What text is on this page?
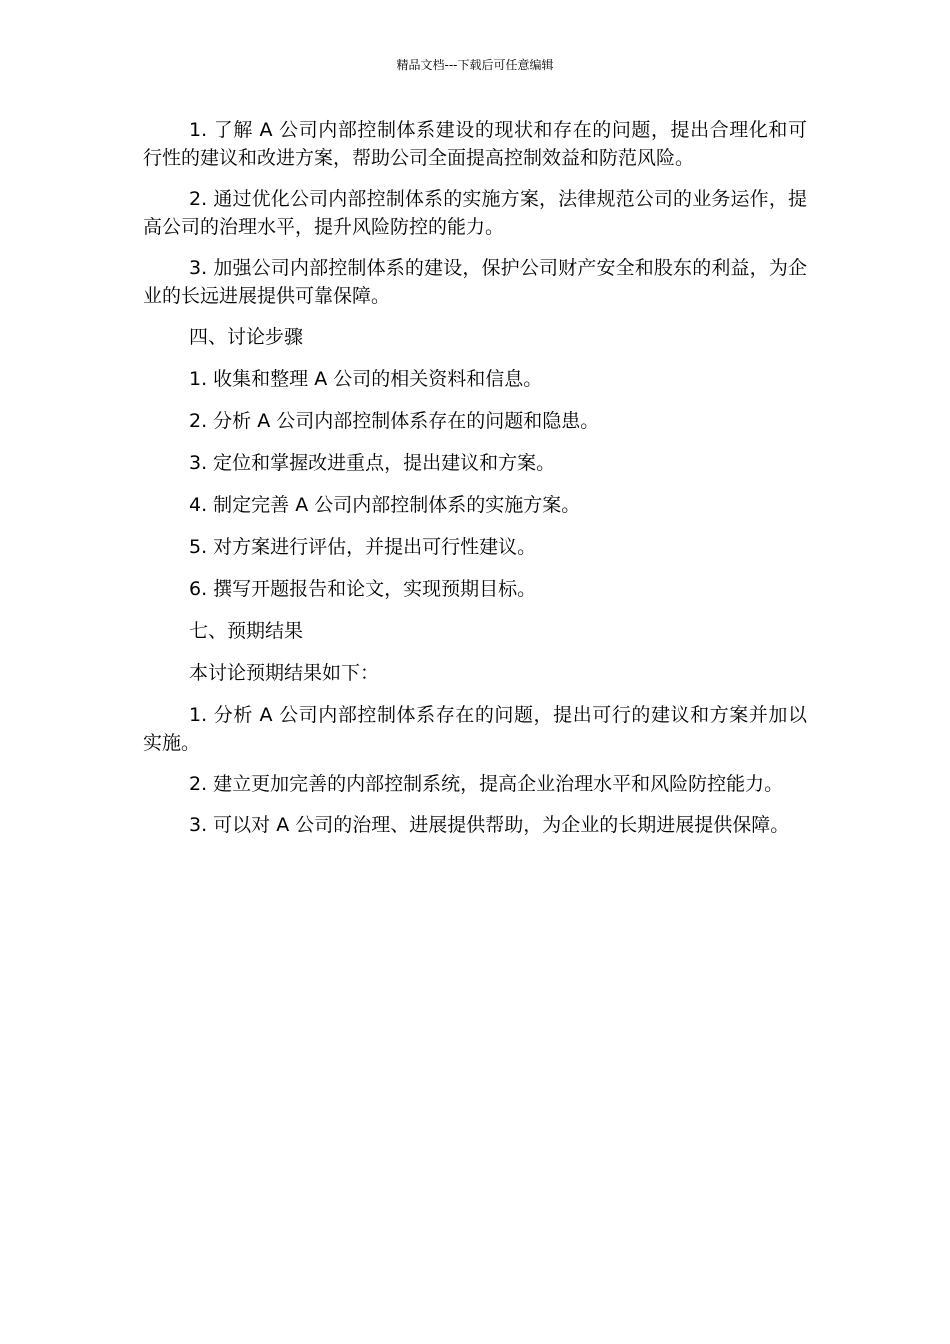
精品文档---下载后可任意编辑

1. 了解 A 公司内部控制体系建设的现状和存在的问题，提出合理化和可行性的建议和改进方案，帮助公司全面提高控制效益和防范风险。

2. 通过优化公司内部控制体系的实施方案，法律规范公司的业务运作，提高公司的治理水平，提升风险防控的能力。

3. 加强公司内部控制体系的建设，保护公司财产安全和股东的利益，为企业的长远进展提供可靠保障。

四、讨论步骤

1. 收集和整理 A 公司的相关资料和信息。

2. 分析 A 公司内部控制体系存在的问题和隐患。

3. 定位和掌握改进重点，提出建议和方案。

4. 制定完善 A 公司内部控制体系的实施方案。

5. 对方案进行评估，并提出可行性建议。

6. 撰写开题报告和论文，实现预期目标。

七、预期结果

本讨论预期结果如下：

1. 分析 A 公司内部控制体系存在的问题，提出可行的建议和方案并加以实施。

2. 建立更加完善的内部控制系统，提高企业治理水平和风险防控能力。

3. 可以对 A 公司的治理、进展提供帮助，为企业的长期进展提供保障。
